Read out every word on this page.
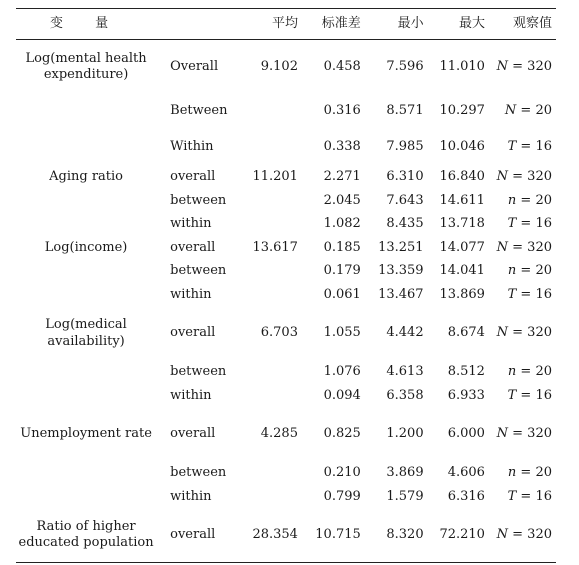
变 量		平均	标准差	最小	最大	观察值
Log(mental health expenditure)	Overall	9.102	0.458	7.596	11.010	N = 320
	Between		0.316	8.571	10.297	N = 20
	Within		0.338	7.985	10.046	T = 16
Aging ratio	overall	11.201	2.271	6.310	16.840	N = 320
	between		2.045	7.643	14.611	n = 20
	within		1.082	8.435	13.718	T = 16
Log(income)	overall	13.617	0.185	13.251	14.077	N = 320
	between		0.179	13.359	14.041	n = 20
	within		0.061	13.467	13.869	T = 16
Log(medical availability)	overall	6.703	1.055	4.442	8.674	N = 320
	between		1.076	4.613	8.512	n = 20
	within		0.094	6.358	6.933	T = 16
Unemployment rate	overall	4.285	0.825	1.200	6.000	N = 320
	between		0.210	3.869	4.606	n = 20
	within		0.799	1.579	6.316	T = 16
Ratio of higher educated population	overall	28.354	10.715	8.320	72.210	N = 320
